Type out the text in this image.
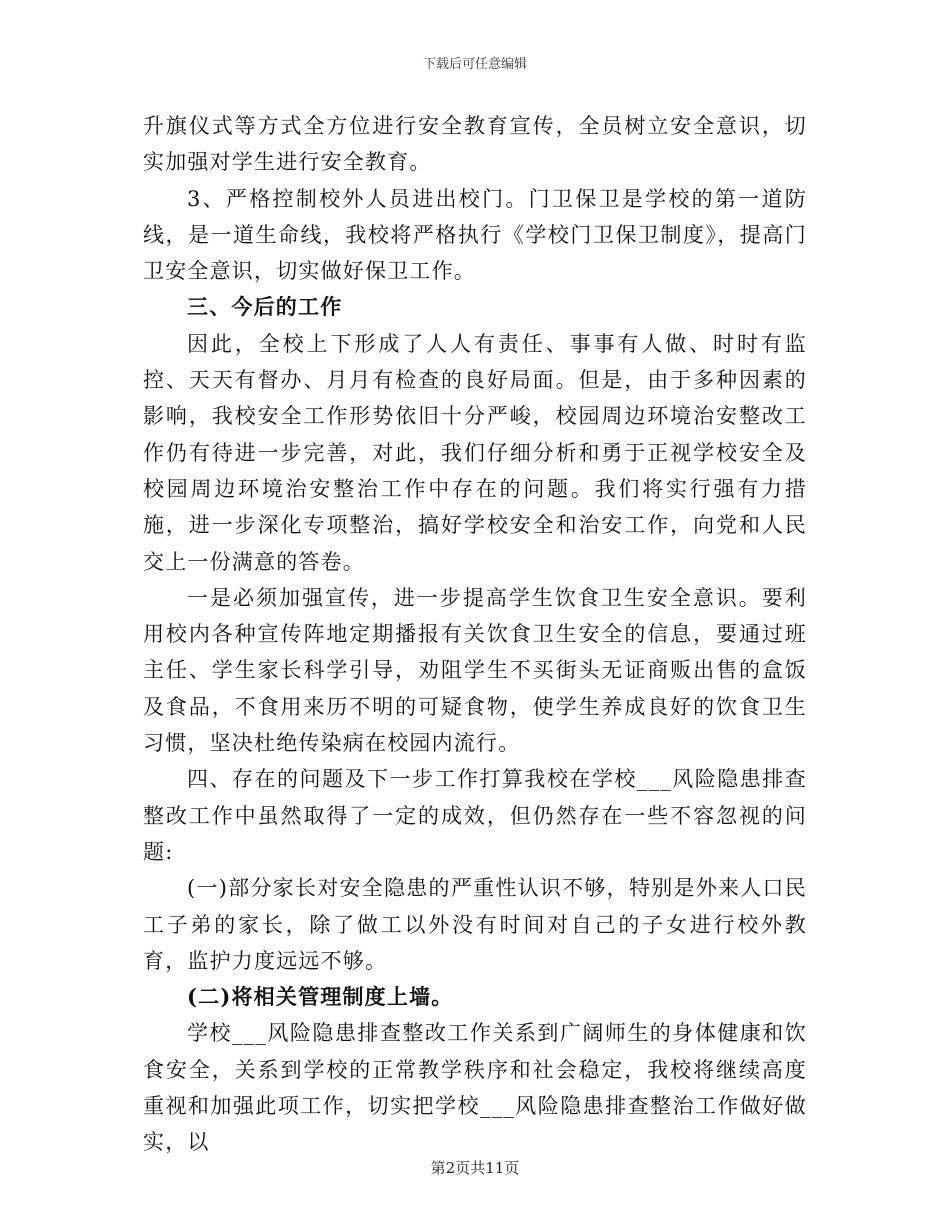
下载后可任意编辑

升旗仪式等方式全方位进行安全教育宣传，全员树立安全意识，切实加强对学生进行安全教育。

3、严格控制校外人员进出校门。门卫保卫是学校的第一道防线，是一道生命线，我校将严格执行《学校门卫保卫制度》，提高门卫安全意识，切实做好保卫工作。

三、今后的工作

因此，全校上下形成了人人有责任、事事有人做、时时有监控、天天有督办、月月有检查的良好局面。但是，由于多种因素的影响，我校安全工作形势依旧十分严峻，校园周边环境治安整改工作仍有待进一步完善，对此，我们仔细分析和勇于正视学校安全及校园周边环境治安整治工作中存在的问题。我们将实行强有力措施，进一步深化专项整治，搞好学校安全和治安工作，向党和人民交上一份满意的答卷。

一是必须加强宣传，进一步提高学生饮食卫生安全意识。要利用校内各种宣传阵地定期播报有关饮食卫生安全的信息，要通过班主任、学生家长科学引导，劝阻学生不买街头无证商贩出售的盒饭及食品，不食用来历不明的可疑食物，使学生养成良好的饮食卫生习惯，坚决杜绝传染病在校园内流行。

四、存在的问题及下一步工作打算我校在学校___风险隐患排查整改工作中虽然取得了一定的成效，但仍然存在一些不容忽视的问题:

(一)部分家长对安全隐患的严重性认识不够，特别是外来人口民工子弟的家长，除了做工以外没有时间对自己的子女进行校外教育，监护力度远远不够。

(二)将相关管理制度上墙。

学校___风险隐患排查整改工作关系到广阔师生的身体健康和饮食安全，关系到学校的正常教学秩序和社会稳定，我校将继续高度重视和加强此项工作，切实把学校___风险隐患排查整治工作做好做实，以

第2页共11页
